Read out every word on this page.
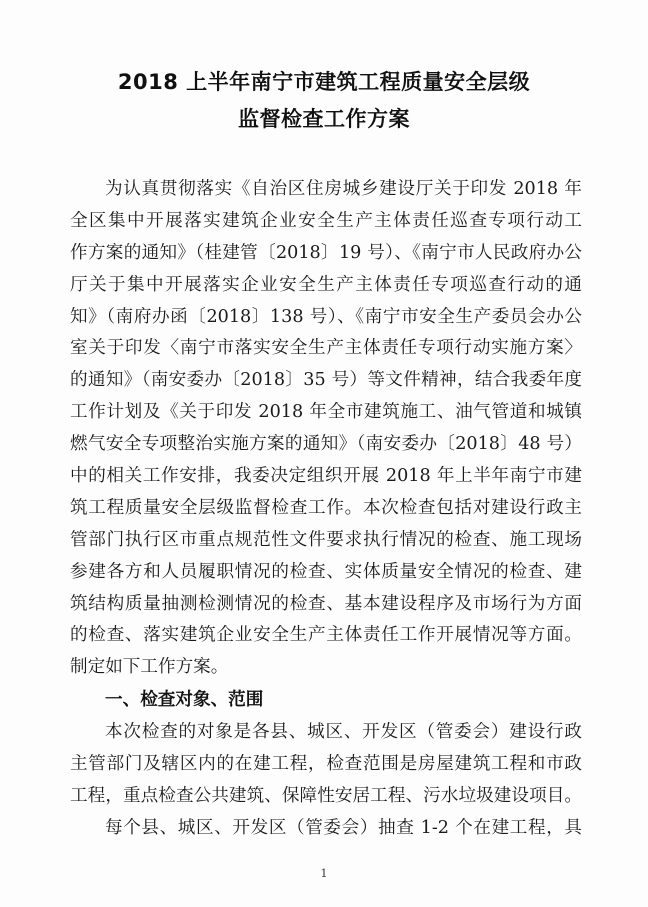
2018 上半年南宁市建筑工程质量安全层级
监督检查工作方案
为认真贯彻落实《自治区住房城乡建设厅关于印发 2018 年
全区集中开展落实建筑企业安全生产主体责任巡查专项行动工
作方案的通知》（桂建管〔2018〕19 号）、《南宁市人民政府办公
厅关于集中开展落实企业安全生产主体责任专项巡查行动的通
知》（南府办函〔2018〕138 号）、《南宁市安全生产委员会办公
室关于印发〈南宁市落实安全生产主体责任专项行动实施方案〉
的通知》（南安委办〔2018〕35 号）等文件精神，结合我委年度
工作计划及《关于印发 2018 年全市建筑施工、油气管道和城镇
燃气安全专项整治实施方案的通知》（南安委办〔2018〕48 号）
中的相关工作安排，我委决定组织开展 2018 年上半年南宁市建
筑工程质量安全层级监督检查工作。本次检查包括对建设行政主
管部门执行区市重点规范性文件要求执行情况的检查、施工现场
参建各方和人员履职情况的检查、实体质量安全情况的检查、建
筑结构质量抽测检测情况的检查、基本建设程序及市场行为方面
的检查、落实建筑企业安全生产主体责任工作开展情况等方面。
制定如下工作方案。
一、检查对象、范围
本次检查的对象是各县、城区、开发区（管委会）建设行政
主管部门及辖区内的在建工程，检查范围是房屋建筑工程和市政
工程，重点检查公共建筑、保障性安居工程、污水垃圾建设项目。
每个县、城区、开发区（管委会）抽查 1-2 个在建工程，具
1
